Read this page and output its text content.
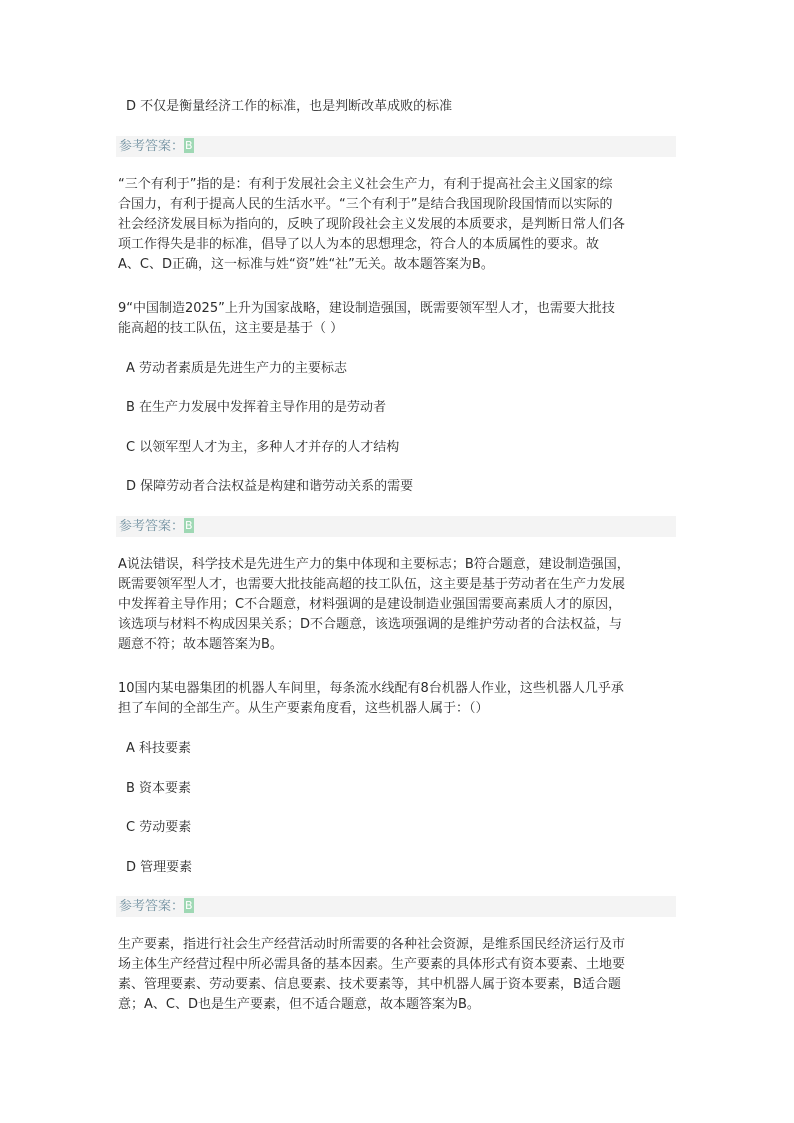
D 不仅是衡量经济工作的标准，也是判断改革成败的标准
参考答案：B
“三个有利于”指的是：有利于发展社会主义社会生产力，有利于提高社会主义国家的综
合国力，有利于提高人民的生活水平。“三个有利于”是结合我国现阶段国情而以实际的
社会经济发展目标为指向的，反映了现阶段社会主义发展的本质要求，是判断日常人们各
项工作得失是非的标准，倡导了以人为本的思想理念，符合人的本质属性的要求。故
A、C、D正确，这一标准与姓“资”姓“社”无关。故本题答案为B。
9“中国制造2025”上升为国家战略，建设制造强国，既需要领军型人才，也需要大批技
能高超的技工队伍，这主要是基于（ ）
A 劳动者素质是先进生产力的主要标志
B 在生产力发展中发挥着主导作用的是劳动者
C 以领军型人才为主，多种人才并存的人才结构
D 保障劳动者合法权益是构建和谐劳动关系的需要
参考答案：B
A说法错误，科学技术是先进生产力的集中体现和主要标志；B符合题意，建设制造强国，
既需要领军型人才，也需要大批技能高超的技工队伍，这主要是基于劳动者在生产力发展
中发挥着主导作用；C不合题意，材料强调的是建设制造业强国需要高素质人才的原因，
该选项与材料不构成因果关系；D不合题意，该选项强调的是维护劳动者的合法权益，与
题意不符；故本题答案为B。
10国内某电器集团的机器人车间里，每条流水线配有8台机器人作业，这些机器人几乎承
担了车间的全部生产。从生产要素角度看，这些机器人属于：（）
A 科技要素
B 资本要素
C 劳动要素
D 管理要素
参考答案：B
生产要素，指进行社会生产经营活动时所需要的各种社会资源，是维系国民经济运行及市
场主体生产经营过程中所必需具备的基本因素。生产要素的具体形式有资本要素、土地要
素、管理要素、劳动要素、信息要素、技术要素等，其中机器人属于资本要素，B适合题
意；A、C、D也是生产要素，但不适合题意，故本题答案为B。
